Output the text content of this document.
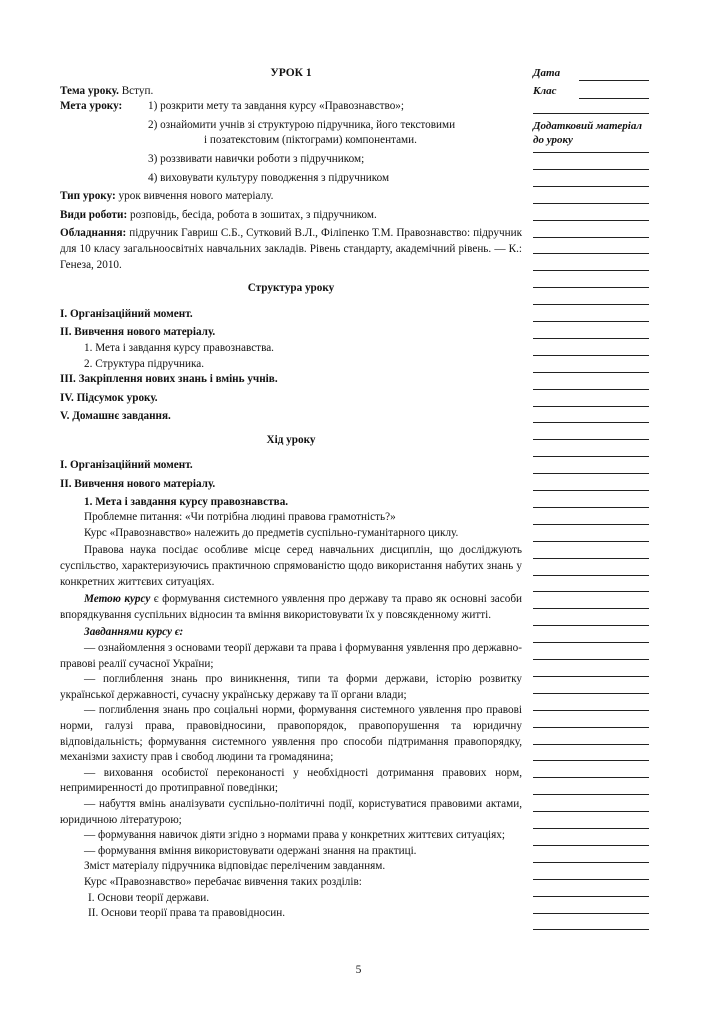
УРОК 1
Тема уроку. Вступ.
Мета уроку:	1) розкрити мету та завдання курсу «Правознавство»;
2) ознайомити учнів зі структурою підручника, його текстовими
і позатекстовим (піктограми) компонентами.
3) роззвивати навички роботи з підручником;
4) виховувати культуру поводження з підручником
Тип уроку: урок вивчення нового матеріалу.
Види роботи: розповідь, бесіда, робота в зошитах, з підручником.
Обладнання: підручник Гавриш С.Б., Сутковий В.Л., Філіпенко Т.М. Правознавство: підручник для 10 класу загальноосвітніх навчальних закладів. Рівень стандарту, академічний рівень. — К.: Генеза, 2010.
Структура уроку
I. Організаційний момент.
II. Вивчення нового матеріалу.
1. Мета і завдання курсу правознавства.
2. Структура підручника.
III. Закріплення нових знань і вмінь учнів.
IV. Підсумок уроку.
V. Домашнє завдання.
Хід уроку
I. Організаційний момент.
II. Вивчення нового матеріалу.
1. Мета і завдання курсу правознавства.
Проблемне питання: «Чи потрібна людині правова грамотність?»
Курс «Правознавство» належить до предметів суспільно-гуманітарного циклу.
Правова наука посідає особливе місце серед навчальних дисциплін, що досліджують суспільство, характеризуючись практичною спрямованістю щодо використання набутих знань у конкретних життєвих ситуаціях.
Метою курсу є формування системного уявлення про державу та право як основні засоби впорядкування суспільних відносин та вміння використовувати їх у повсякденному житті.
Завданнями курсу є:
— ознайомлення з основами теорії держави та права і формування уявлення про державно-правові реалії сучасної України;
— поглиблення знань про виникнення, типи та форми держави, історію розвитку української державності, сучасну українську державу та її органи влади;
— поглиблення знань про соціальні норми, формування системного уявлення про правові норми, галузі права, правовідносини, правопорядок, правопорушення та юридичну відповідальність; формування системного уявлення про способи підтримання правопорядку, механізми захисту прав і свобод людини та громадянина;
— виховання особистої переконаності у необхідності дотримання правових норм, непримиренності до протиправної поведінки;
— набуття вмінь аналізувати суспільно-політичні події, користуватися правовими актами, юридичною літературою;
— формування навичок діяти згідно з нормами права у конкретних життєвих ситуаціях;
— формування вміння використовувати одержані знання на практиці.
Зміст матеріалу підручника відповідає переліченим завданням.
Курс «Правознавство» перебачає вивчення таких розділів:
I. Основи теорії держави.
II. Основи теорії права та правовідносин.
Дата
Клас
Додатковий матеріал до уроку
5
